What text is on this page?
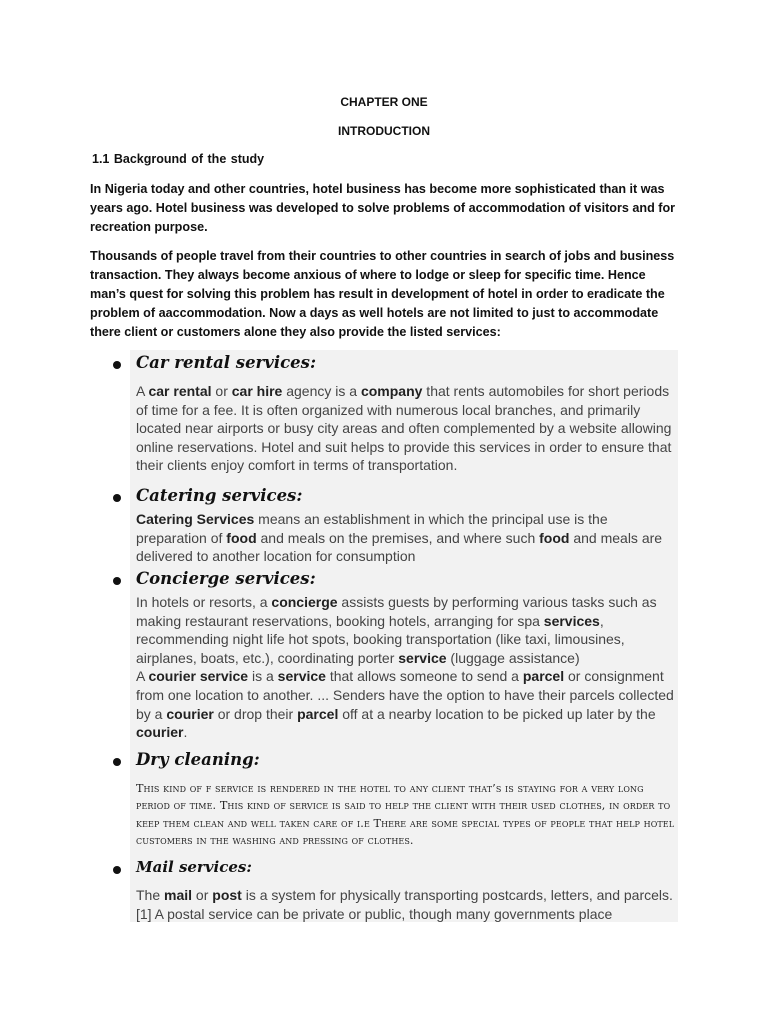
CHAPTER ONE
INTRODUCTION
1.1 Background of the study
In Nigeria today and other countries, hotel business has become more sophisticated than it was years ago. Hotel business was developed to solve problems of accommodation of visitors and for recreation purpose.
Thousands of people travel from their countries to other countries in search of jobs and business transaction. They always become anxious of where to lodge or sleep for specific time. Hence man’s quest for solving this problem has result in development of hotel in order to eradicate the problem of aaccommodation. Now a days as well hotels are not limited to just to accommodate there client or customers alone they also provide the listed services:
Car rental services:
A car rental or car hire agency is a company that rents automobiles for short periods of time for a fee. It is often organized with numerous local branches, and primarily located near airports or busy city areas and often complemented by a website allowing online reservations. Hotel and suit helps to provide this services in order to ensure that their clients enjoy comfort in terms of transportation.
Catering services:
Catering Services means an establishment in which the principal use is the preparation of food and meals on the premises, and where such food and meals are delivered to another location for consumption
Concierge services:
In hotels or resorts, a concierge assists guests by performing various tasks such as making restaurant reservations, booking hotels, arranging for spa services, recommending night life hot spots, booking transportation (like taxi, limousines, airplanes, boats, etc.), coordinating porter service (luggage assistance)
A courier service is a service that allows someone to send a parcel or consignment from one location to another. ... Senders have the option to have their parcels collected by a courier or drop their parcel off at a nearby location to be picked up later by the courier.
Dry cleaning:
This kind of f service is rendered in the hotel to any client that’s is staying for a very long period of time. This kind of service is said to help the client with their used clothes, in order to keep them clean and well taken care of i.e There are some special types of people that help hotel customers in the washing and pressing of clothes.
Mail services:
The mail or post is a system for physically transporting postcards, letters, and parcels. [1] A postal service can be private or public, though many governments place
